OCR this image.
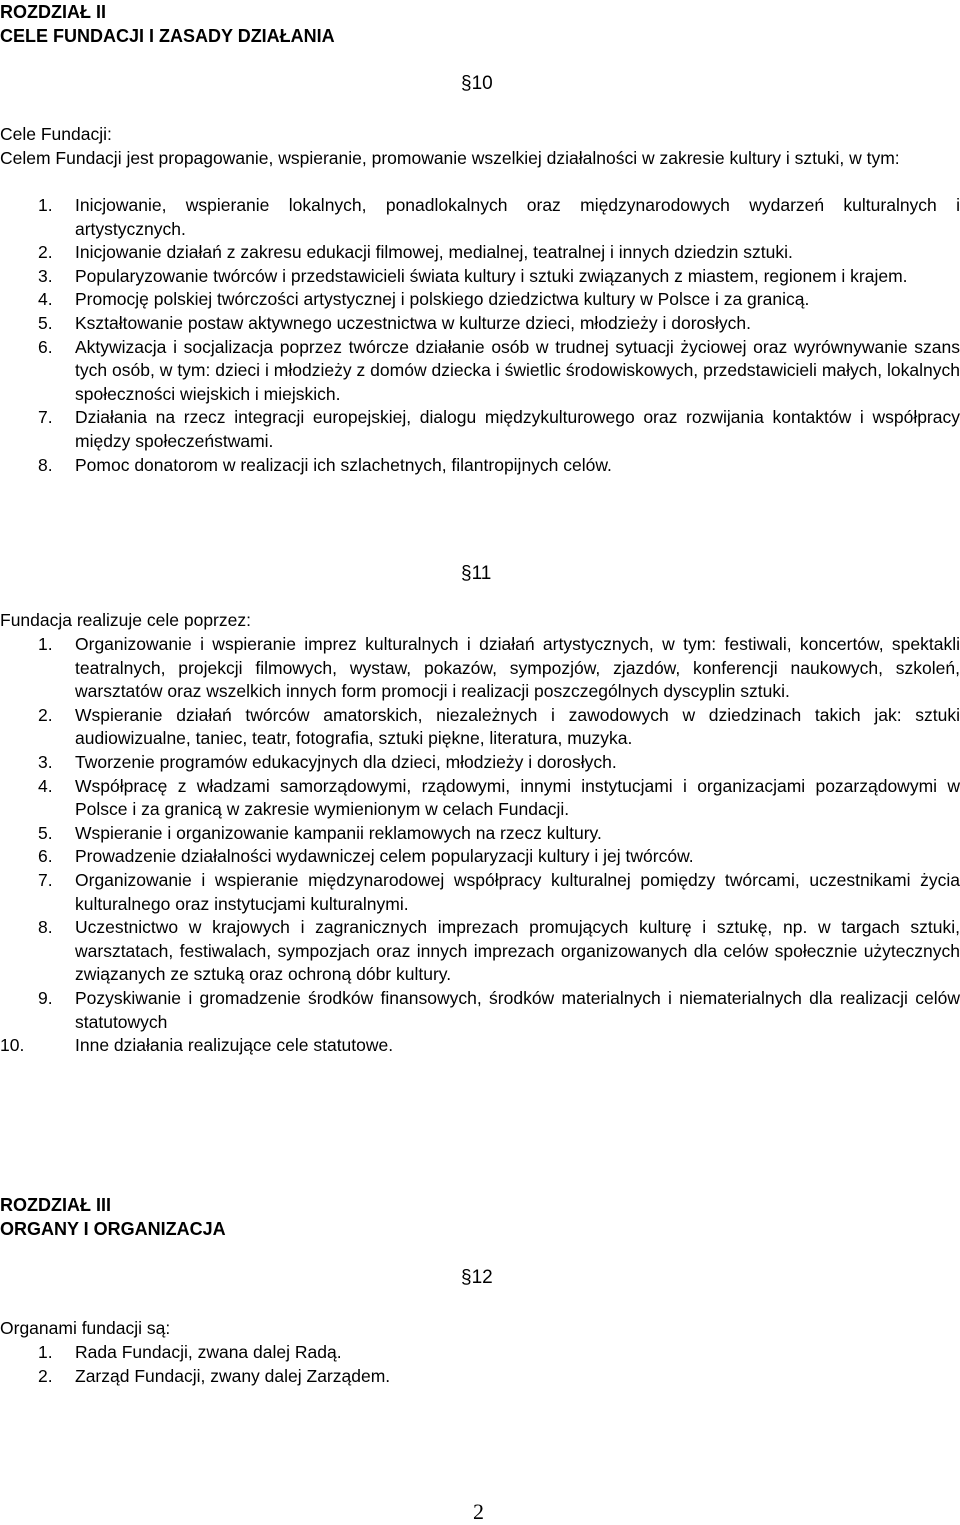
ROZDZIAŁ II
CELE FUNDACJI I ZASADY DZIAŁANIA
§10
Cele Fundacji:
Celem Fundacji jest propagowanie, wspieranie, promowanie wszelkiej działalności w zakresie kultury i sztuki, w tym:
1. Inicjowanie, wspieranie lokalnych, ponadlokalnych oraz międzynarodowych wydarzeń kulturalnych i artystycznych.
2. Inicjowanie działań z zakresu edukacji filmowej, medialnej, teatralnej i innych dziedzin sztuki.
3. Popularyzowanie twórców i przedstawicieli świata kultury i sztuki związanych z miastem, regionem i krajem.
4. Promocję polskiej twórczości artystycznej i polskiego dziedzictwa kultury w Polsce i za granicą.
5. Kształtowanie postaw aktywnego uczestnictwa w kulturze dzieci, młodzieży i dorosłych.
6. Aktywizacja i socjalizacja poprzez twórcze działanie osób w trudnej sytuacji życiowej oraz wyrównywanie szans tych osób, w tym: dzieci i młodzieży z domów dziecka i świetlic środowiskowych, przedstawicieli małych, lokalnych społeczności wiejskich i miejskich.
7. Działania na rzecz integracji europejskiej, dialogu międzykulturowego oraz rozwijania kontaktów i współpracy między społeczeństwami.
8. Pomoc donatorom w realizacji ich szlachetnych, filantropijnych celów.
§11
Fundacja realizuje cele poprzez:
1. Organizowanie i wspieranie imprez kulturalnych i działań artystycznych, w tym: festiwali, koncertów, spektakli teatralnych, projekcji filmowych, wystaw, pokazów, sympozjów, zjazdów, konferencji naukowych, szkoleń, warsztatów oraz wszelkich innych form promocji i realizacji poszczególnych dyscyplin sztuki.
2. Wspieranie działań twórców amatorskich, niezależnych i zawodowych w dziedzinach takich jak: sztuki audiowizualne, taniec, teatr, fotografia, sztuki piękne, literatura, muzyka.
3. Tworzenie programów edukacyjnych dla dzieci, młodzieży i dorosłych.
4. Współpracę z władzami samorządowymi, rządowymi, innymi instytucjami i organizacjami pozarządowymi w Polsce i za granicą w zakresie wymienionym w celach Fundacji.
5. Wspieranie i organizowanie kampanii reklamowych na rzecz kultury.
6. Prowadzenie działalności wydawniczej celem popularyzacji kultury i jej twórców.
7. Organizowanie i wspieranie międzynarodowej współpracy kulturalnej pomiędzy twórcami, uczestnikami życia kulturalnego oraz instytucjami kulturalnymi.
8. Uczestnictwo w krajowych i zagranicznych imprezach promujących kulturę i sztukę, np. w targach sztuki, warsztatach, festiwalach, sympozjach oraz innych imprezach organizowanych dla celów społecznie użytecznych związanych ze sztuką oraz ochroną dóbr kultury.
9. Pozyskiwanie i gromadzenie środków finansowych, środków materialnych i niematerialnych dla realizacji celów statutowych
10.	Inne działania realizujące cele statutowe.
ROZDZIAŁ III
ORGANY I ORGANIZACJA
§12
Organami fundacji są:
1. Rada Fundacji, zwana dalej Radą.
2. Zarząd Fundacji, zwany dalej Zarządem.
2
